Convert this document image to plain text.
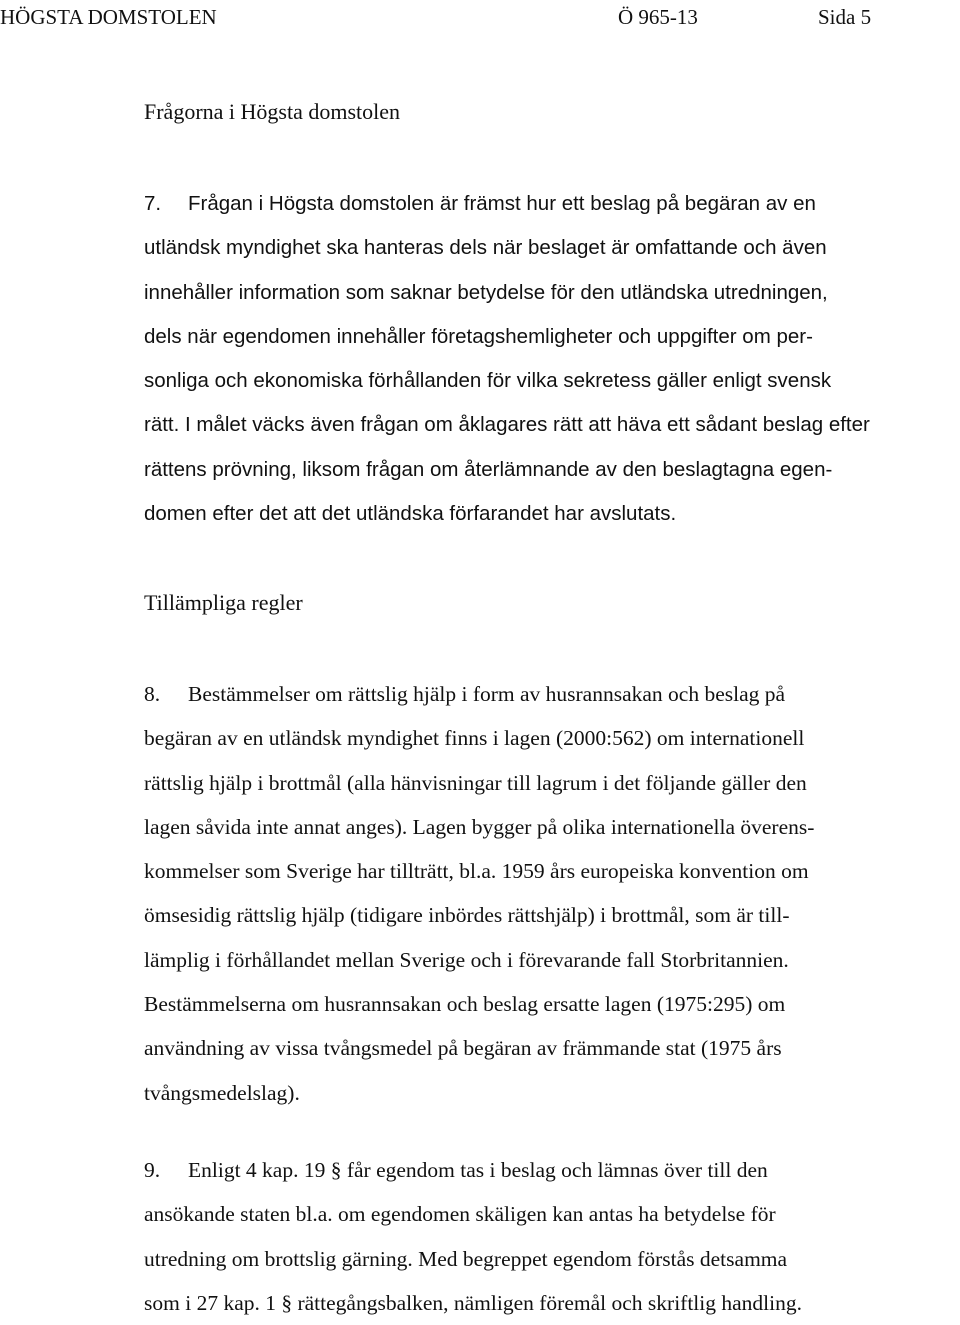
HÖGSTA DOMSTOLEN	Ö 965-13	Sida 5
Frågorna i Högsta domstolen
7. Frågan i Högsta domstolen är främst hur ett beslag på begäran av en
utländsk myndighet ska hanteras dels när beslaget är omfattande och även
innehåller information som saknar betydelse för den utländska utredningen,
dels när egendomen innehåller företagshemligheter och uppgifter om per-
sonliga och ekonomiska förhållanden för vilka sekretess gäller enligt svensk
rätt. I målet väcks även frågan om åklagares rätt att häva ett sådant beslag efter
rättens prövning, liksom frågan om återlämnande av den beslagtagna egen-
domen efter det att det utländska förfarandet har avslutats.
Tillämpliga regler
8. Bestämmelser om rättslig hjälp i form av husrannsakan och beslag på
begäran av en utländsk myndighet finns i lagen (2000:562) om internationell
rättslig hjälp i brottmål (alla hänvisningar till lagrum i det följande gäller den
lagen såvida inte annat anges). Lagen bygger på olika internationella överens-
kommelser som Sverige har tillträtt, bl.a. 1959 års europeiska konvention om
ömsesidig rättslig hjälp (tidigare inbördes rättshjälp) i brottmål, som är till-
lämplig i förhållandet mellan Sverige och i förevarande fall Storbritannien.
Bestämmelserna om husrannsakan och beslag ersatte lagen (1975:295) om
användning av vissa tvångsmedel på begäran av främmande stat (1975 års
tvångsmedelslag).
9. Enligt 4 kap. 19 § får egendom tas i beslag och lämnas över till den
ansökande staten bl.a. om egendomen skäligen kan antas ha betydelse för
utredning om brottslig gärning. Med begreppet egendom förstås detsamma
som i 27 kap. 1 § rättegångsbalken, nämligen föremål och skriftlig handling.
